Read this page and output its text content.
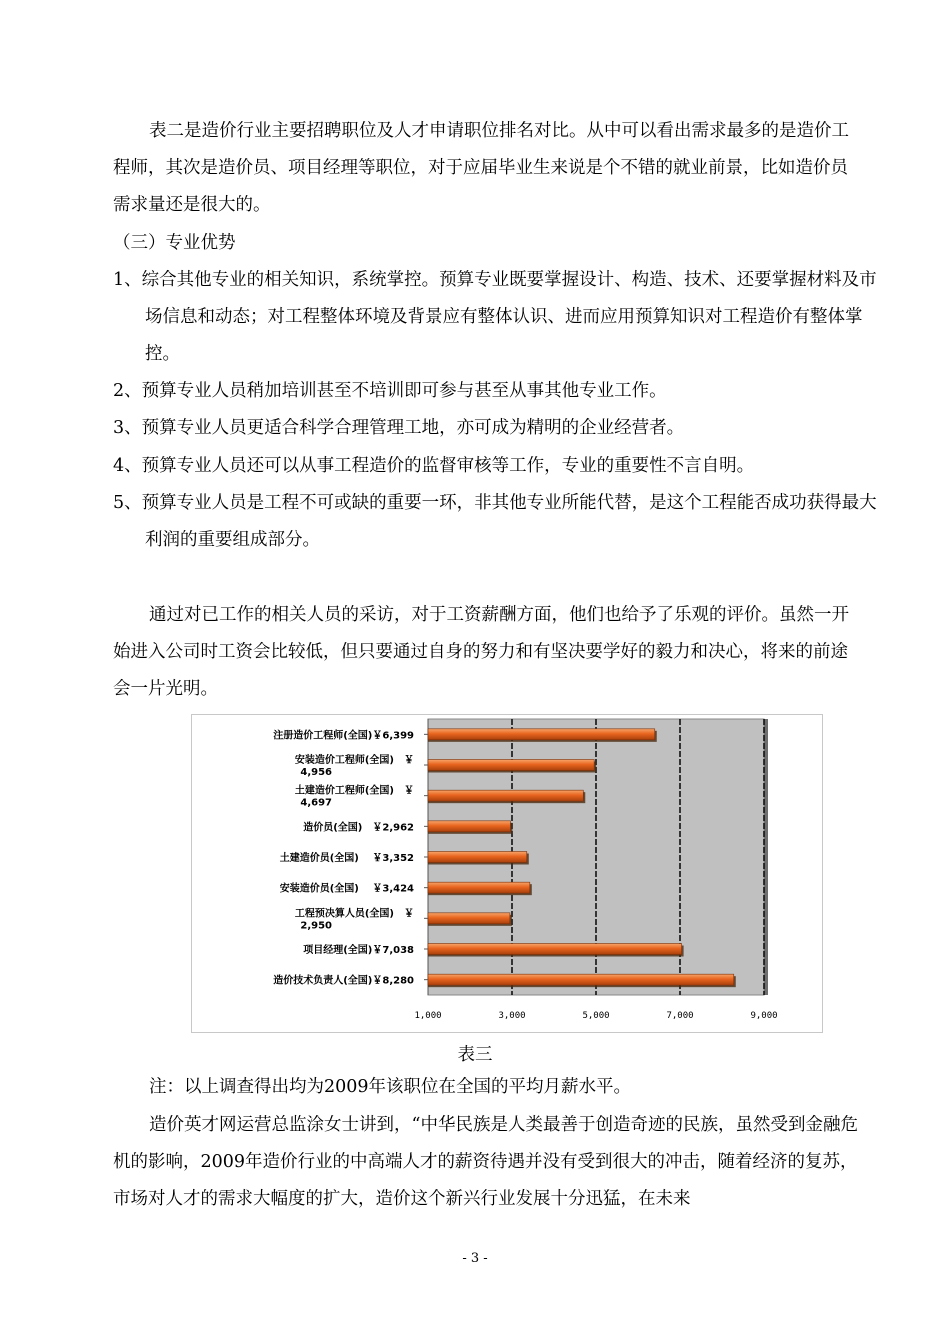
表二是造价行业主要招聘职位及人才申请职位排名对比。从中可以看出需求最多的是造价工程师，其次是造价员、项目经理等职位，对于应届毕业生来说是个不错的就业前景，比如造价员需求量还是很大的。

（三）专业优势

1、综合其他专业的相关知识，系统掌控。预算专业既要掌握设计、构造、技术、还要掌握材料及市场信息和动态；对工程整体环境及背景应有整体认识、进而应用预算知识对工程造价有整体掌控。

2、预算专业人员稍加培训甚至不培训即可参与甚至从事其他专业工作。

3、预算专业人员更适合科学合理管理工地，亦可成为精明的企业经营者。

4、预算专业人员还可以从事工程造价的监督审核等工作，专业的重要性不言自明。

5、预算专业人员是工程不可或缺的重要一环，非其他专业所能代替，是这个工程能否成功获得最大利润的重要组成部分。

通过对已工作的相关人员的采访，对于工资薪酬方面，他们也给予了乐观的评价。虽然一开始进入公司时工资会比较低，但只要通过自身的努力和有坚决要学好的毅力和决心，将来的前途会一片光明。

注册造价工程师(全国)￥6,399
安装造价工程师(全国)　￥ 4,956
土建造价工程师(全国)　￥ 4,697
造价员(全国)　￥2,962
土建造价员(全国)　 ￥3,352
安装造价员(全国)　 ￥3,424
工程预决算人员(全国)　￥ 2,950
项目经理(全国)￥7,038
造价技术负责人(全国)￥8,280
1,000	3,000	5,000	7,000	9,000
表三

注：以上调查得出均为2009年该职位在全国的平均月薪水平。

造价英才网运营总监涂女士讲到，“中华民族是人类最善于创造奇迹的民族，虽然受到金融危机的影响，2009年造价行业的中高端人才的薪资待遇并没有受到很大的冲击，随着经济的复苏，市场对人才的需求大幅度的扩大，造价这个新兴行业发展十分迅猛，在未来

- 3 -
